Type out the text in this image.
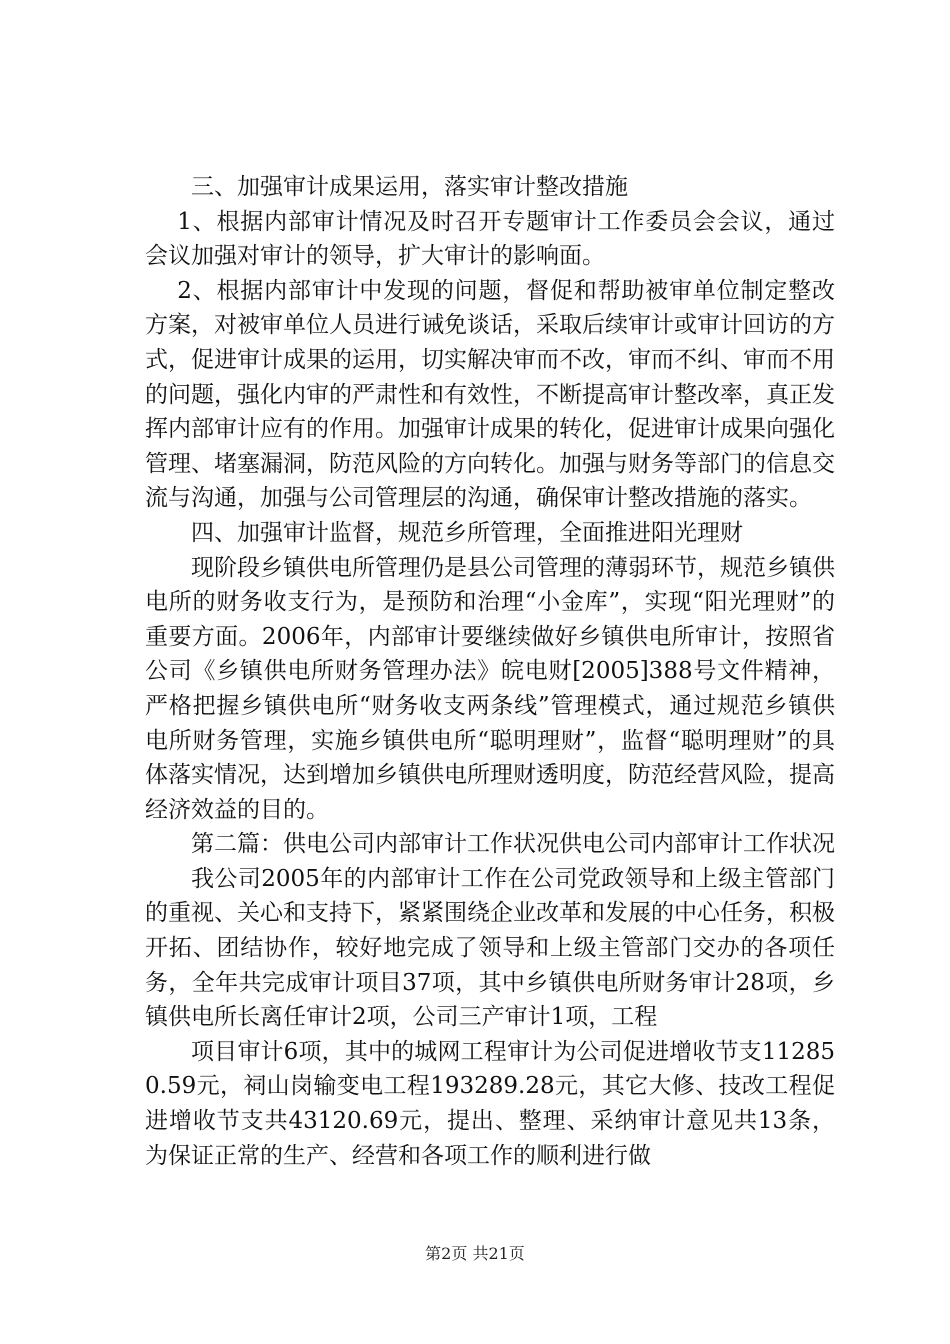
三、加强审计成果运用，落实审计整改措施

1、根据内部审计情况及时召开专题审计工作委员会会议，通过会议加强对审计的领导，扩大审计的影响面。

2、根据内部审计中发现的问题，督促和帮助被审单位制定整改方案，对被审单位人员进行诫免谈话，采取后续审计或审计回访的方式，促进审计成果的运用，切实解决审而不改，审而不纠、审而不用的问题，强化内审的严肃性和有效性，不断提高审计整改率，真正发挥内部审计应有的作用。加强审计成果的转化，促进审计成果向强化管理、堵塞漏洞，防范风险的方向转化。加强与财务等部门的信息交流与沟通，加强与公司管理层的沟通，确保审计整改措施的落实。

四、加强审计监督，规范乡所管理，全面推进阳光理财

现阶段乡镇供电所管理仍是县公司管理的薄弱环节，规范乡镇供电所的财务收支行为，是预防和治理“小金库”，实现“阳光理财”的重要方面。2006年，内部审计要继续做好乡镇供电所审计，按照省公司《乡镇供电所财务管理办法》皖电财[2005]388号文件精神，严格把握乡镇供电所“财务收支两条线”管理模式，通过规范乡镇供电所财务管理，实施乡镇供电所“聪明理财”，监督“聪明理财”的具体落实情况，达到增加乡镇供电所理财透明度，防范经营风险，提高经济效益的目的。

第二篇：供电公司内部审计工作状况供电公司内部审计工作状况

我公司2005年的内部审计工作在公司党政领导和上级主管部门的重视、关心和支持下，紧紧围绕企业改革和发展的中心任务，积极开拓、团结协作，较好地完成了领导和上级主管部门交办的各项任务，全年共完成审计项目37项，其中乡镇供电所财务审计28项，乡镇供电所长离任审计2项，公司三产审计1项，工程

项目审计6项，其中的城网工程审计为公司促进增收节支112850.59元，祠山岗输变电工程193289.28元，其它大修、技改工程促进增收节支共43120.69元，提出、整理、采纳审计意见共13条，为保证正常的生产、经营和各项工作的顺利进行做

第2页 共21页
